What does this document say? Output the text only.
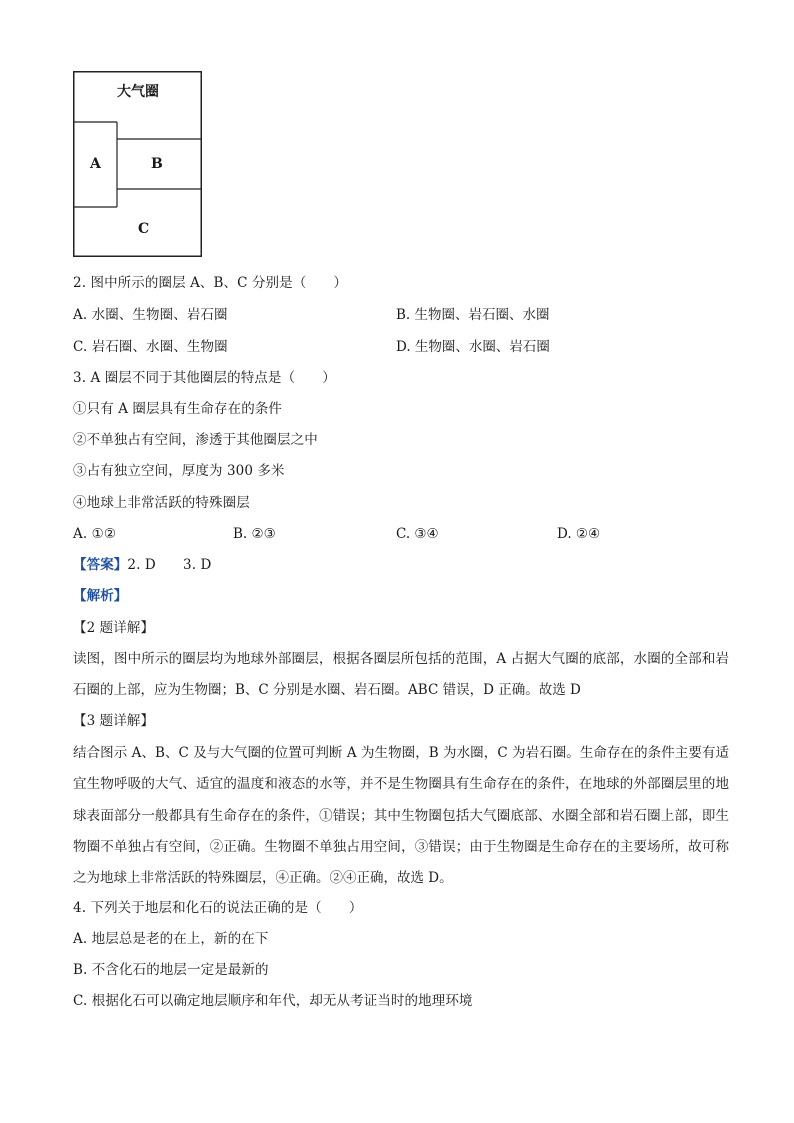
大气圈
A	B
C
2. 图中所示的圈层 A、B、C 分别是（　　）
A. 水圈、生物圈、岩石圈	B. 生物圈、岩石圈、水圈
C. 岩石圈、水圈、生物圈	D. 生物圈、水圈、岩石圈
3. A 圈层不同于其他圈层的特点是（　　）
①只有 A 圈层具有生命存在的条件
②不单独占有空间，渗透于其他圈层之中
③占有独立空间，厚度为 300 多米
④地球上非常活跃的特殊圈层
A. ①②	B. ②③	C. ③④	D. ②④
【答案】2. D　　3. D
【解析】
【2 题详解】
读图，图中所示的圈层均为地球外部圈层，根据各圈层所包括的范围，A 占据大气圈的底部，水圈的全部和岩石圈的上部，应为生物圈；B、C 分别是水圈、岩石圈。ABC 错误，D 正确。故选 D
【3 题详解】
结合图示 A、B、C 及与大气圈的位置可判断 A 为生物圈，B 为水圈，C 为岩石圈。生命存在的条件主要有适宜生物呼吸的大气、适宜的温度和液态的水等，并不是生物圈具有生命存在的条件，在地球的外部圈层里的地球表面部分一般都具有生命存在的条件，①错误；其中生物圈包括大气圈底部、水圈全部和岩石圈上部，即生物圈不单独占有空间，②正确。生物圈不单独占用空间，③错误；由于生物圈是生命存在的主要场所，故可称之为地球上非常活跃的特殊圈层，④正确。②④正确，故选 D。
4. 下列关于地层和化石的说法正确的是（　　）
A. 地层总是老的在上，新的在下
B. 不含化石的地层一定是最新的
C. 根据化石可以确定地层顺序和年代，却无从考证当时的地理环境
